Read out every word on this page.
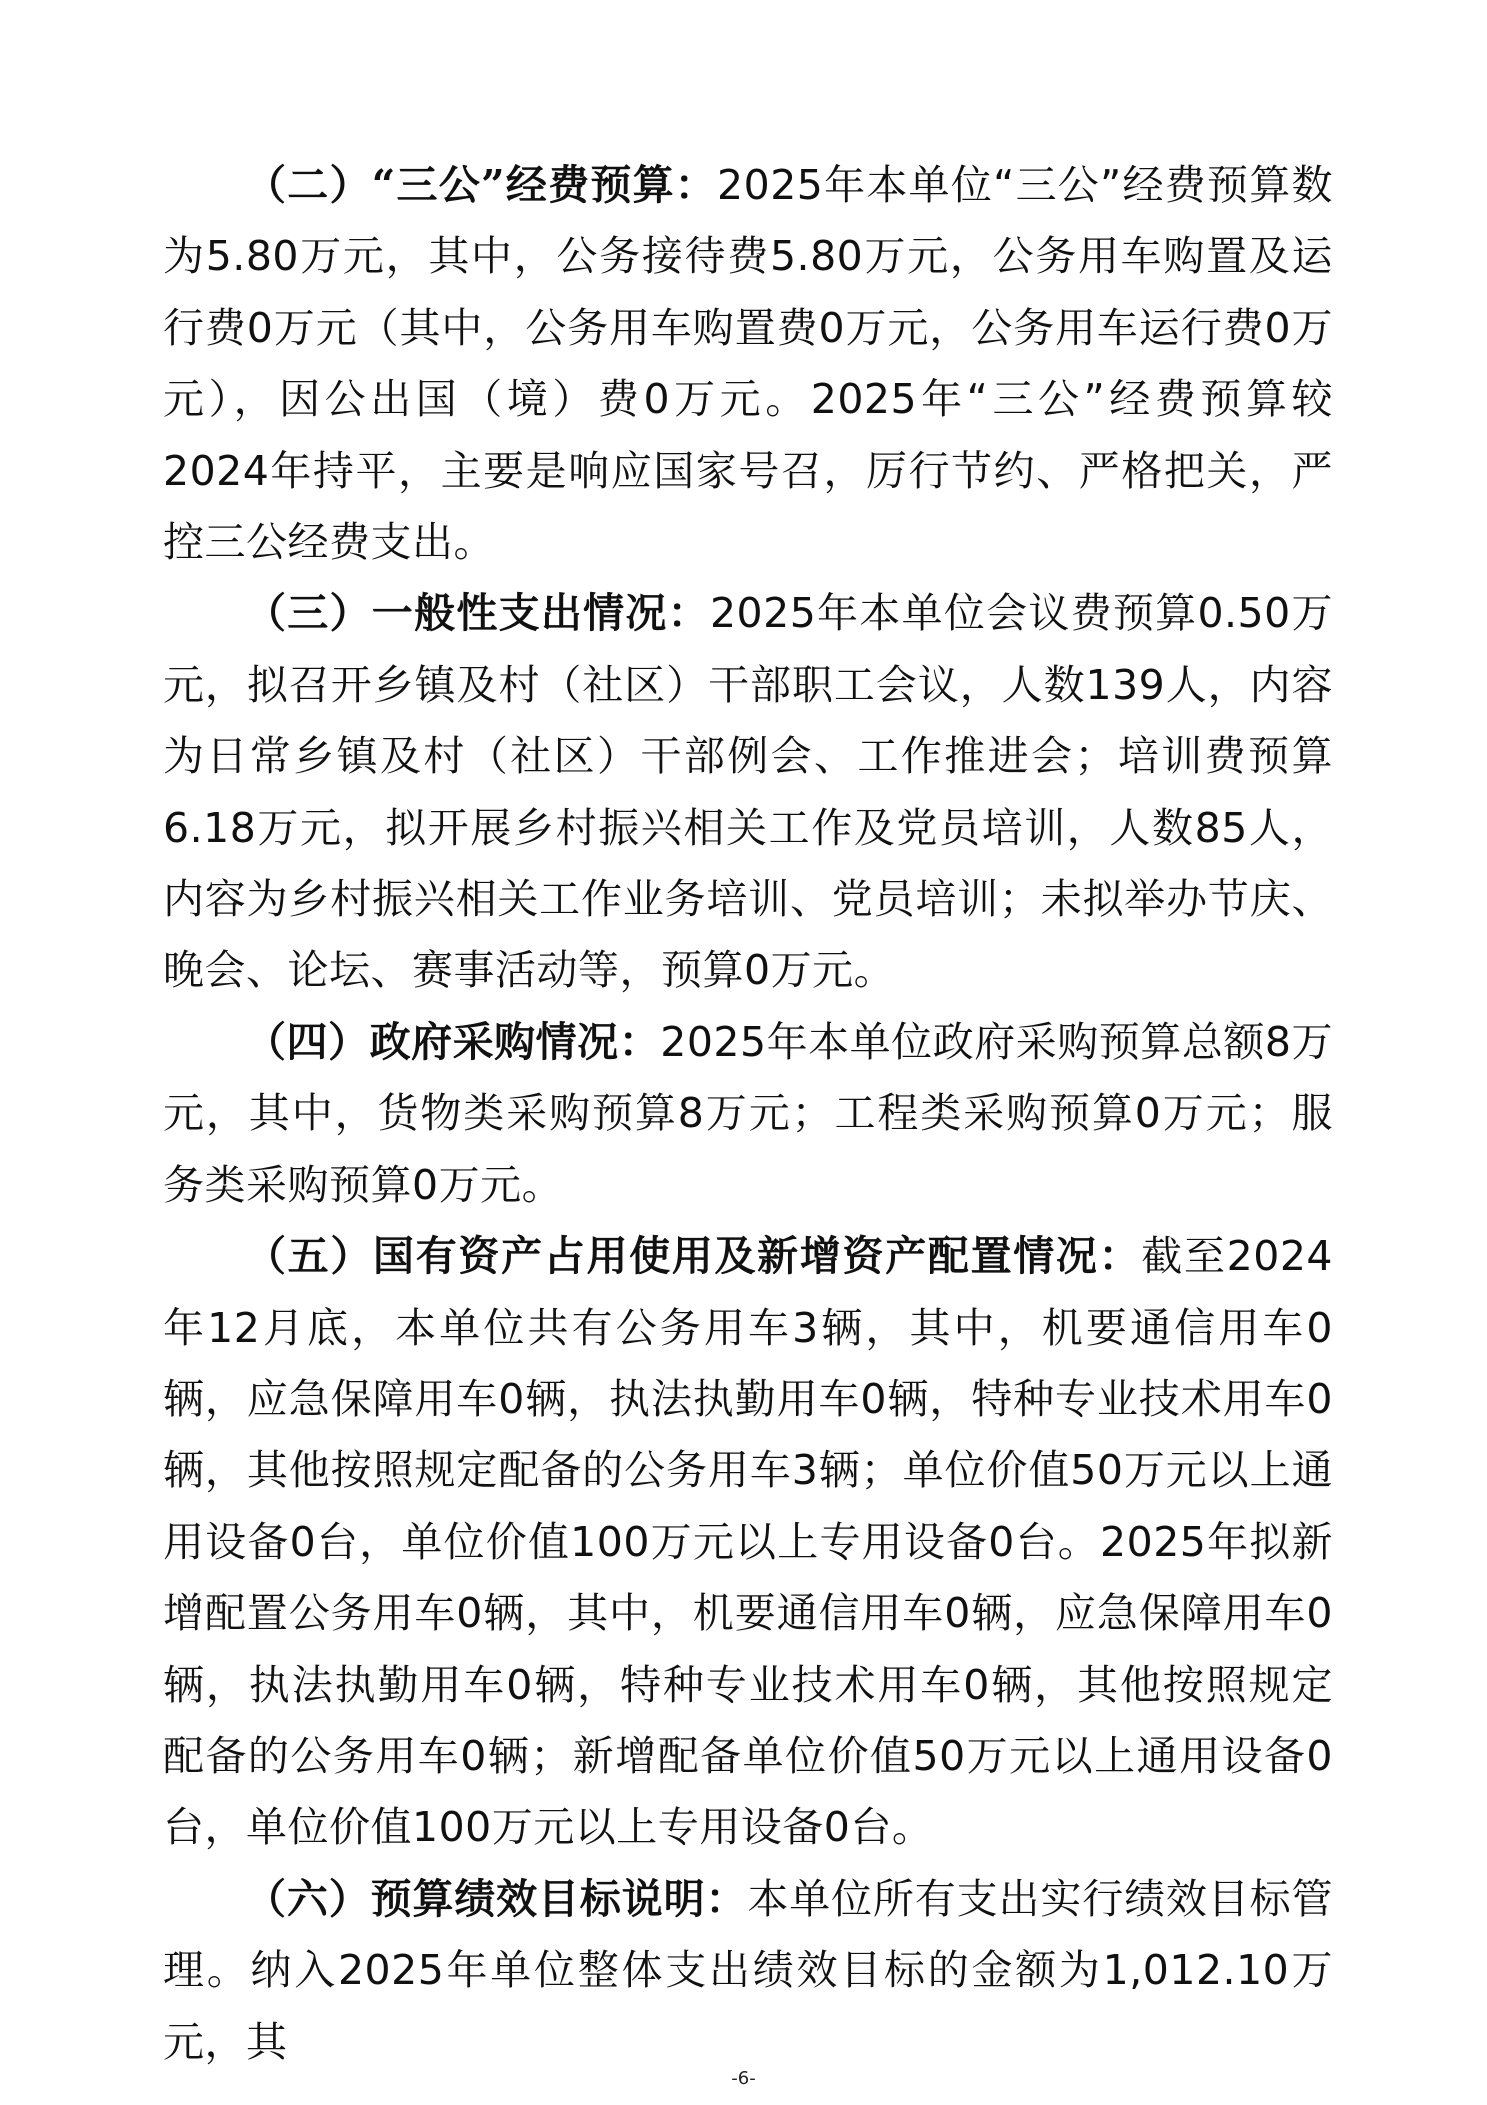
（二）“三公”经费预算：2025年本单位“三公”经费预算数为5.80万元，其中，公务接待费5.80万元，公务用车购置及运行费0万元（其中，公务用车购置费0万元，公务用车运行费0万元），因公出国（境）费0万元。2025年“三公”经费预算较2024年持平，主要是响应国家号召，厉行节约、严格把关，严控三公经费支出。

（三）一般性支出情况：2025年本单位会议费预算0.50万元，拟召开乡镇及村（社区）干部职工会议，人数139人，内容为日常乡镇及村（社区）干部例会、工作推进会；培训费预算6.18万元，拟开展乡村振兴相关工作及党员培训，人数85人，内容为乡村振兴相关工作业务培训、党员培训；未拟举办节庆、晚会、论坛、赛事活动等，预算0万元。

（四）政府采购情况：2025年本单位政府采购预算总额8万元，其中，货物类采购预算8万元；工程类采购预算0万元；服务类采购预算0万元。

（五）国有资产占用使用及新增资产配置情况：截至2024年12月底，本单位共有公务用车3辆，其中，机要通信用车0辆，应急保障用车0辆，执法执勤用车0辆，特种专业技术用车0辆，其他按照规定配备的公务用车3辆；单位价值50万元以上通用设备0台，单位价值100万元以上专用设备0台。2025年拟新增配置公务用车0辆，其中，机要通信用车0辆，应急保障用车0辆，执法执勤用车0辆，特种专业技术用车0辆，其他按照规定配备的公务用车0辆；新增配备单位价值50万元以上通用设备0台，单位价值100万元以上专用设备0台。

（六）预算绩效目标说明：本单位所有支出实行绩效目标管理。纳入2025年单位整体支出绩效目标的金额为1,012.10万元，其

-6-
